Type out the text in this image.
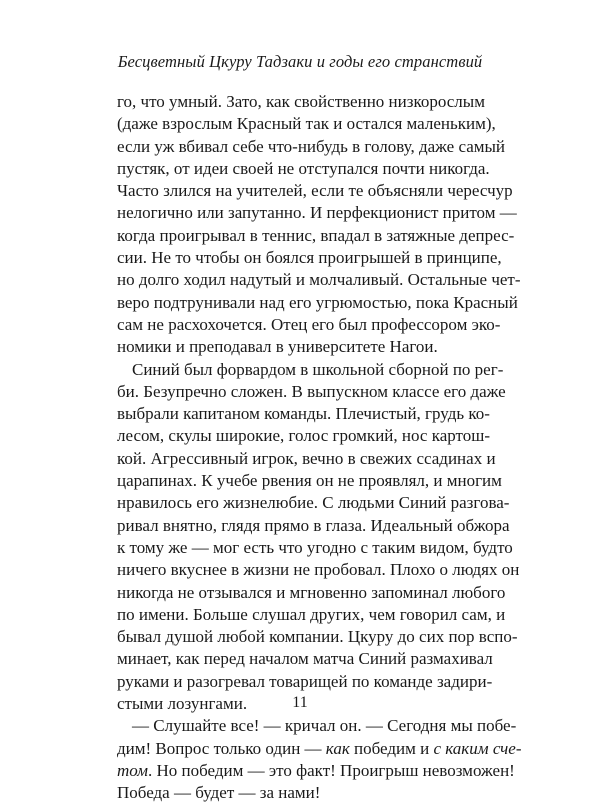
Бесцветный Цкуру Тадзаки и годы его странствий
го, что умный. Зато, как свойственно низкорослым
(даже взрослым Красный так и остался маленьким),
если уж вбивал себе что-нибудь в голову, даже самый
пустяк, от идеи своей не отступался почти никогда.
Часто злился на учителей, если те объясняли чересчур
нелогично или запутанно. И перфекционист притом —
когда проигрывал в теннис, впадал в затяжные депрес-
сии. Не то чтобы он боялся проигрышей в принципе,
но долго ходил надутый и молчаливый. Остальные чет-
веро подтрунивали над его угрюмостью, пока Красный
сам не расхохочется. Отец его был профессором эко-
номики и преподавал в университете Нагои.
Синий был форвардом в школьной сборной по рег-
би. Безупречно сложен. В выпускном классе его даже
выбрали капитаном команды. Плечистый, грудь ко-
лесом, скулы широкие, голос громкий, нос картош-
кой. Агрессивный игрок, вечно в свежих ссадинах и
царапинах. К учебе рвения он не проявлял, и многим
нравилось его жизнелюбие. С людьми Синий разгова-
ривал внятно, глядя прямо в глаза. Идеальный обжора
к тому же — мог есть что угодно с таким видом, будто
ничего вкуснее в жизни не пробовал. Плохо о людях он
никогда не отзывался и мгновенно запоминал любого
по имени. Больше слушал других, чем говорил сам, и
бывал душой любой компании. Цкуру до сих пор вспо-
минает, как перед началом матча Синий размахивал
руками и разогревал товарищей по команде задири-
стыми лозунгами.
— Слушайте все! — кричал он. — Сегодня мы побе-
дим! Вопрос только один — как победим и с каким сче-
том. Но победим — это факт! Проигрыш невозможен!
Победа — будет — за нами!
11
